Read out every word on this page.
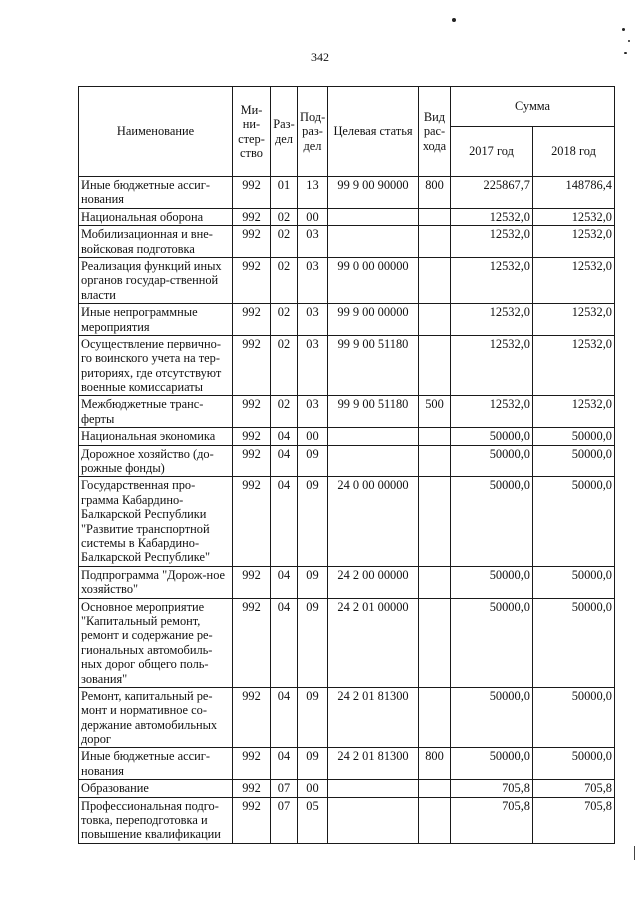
342
Наименование	Ми-ни-стер-ство	Раз-дел	Под-раз-дел	Целевая статья	Вид рас-хода	Сумма	
						2017 год	2018 год
Иные бюджетные ассиг-нования	992	01	13	99 9 00 90000	800	225867,7	148786,4
Национальная оборона	992	02	00			12532,0	12532,0
Мобилизационная и вне-войсковая подготовка	992	02	03			12532,0	12532,0
Реализация функций иных органов государ-ственной власти	992	02	03	99 0 00 00000		12532,0	12532,0
Иные непрограммные мероприятия	992	02	03	99 9 00 00000		12532,0	12532,0
Осуществление первично-го воинского учета на тер-риториях, где отсутствуют военные комиссариаты	992	02	03	99 9 00 51180		12532,0	12532,0
Межбюджетные транс-ферты	992	02	03	99 9 00 51180	500	12532,0	12532,0
Национальная экономика	992	04	00			50000,0	50000,0
Дорожное хозяйство (до-рожные фонды)	992	04	09			50000,0	50000,0
Государственная про-грамма Кабардино-Балкарской Республики "Развитие транспортной системы в Кабардино-Балкарской Республике"	992	04	09	24 0 00 00000		50000,0	50000,0
Подпрограмма "Дорож-ное хозяйство"	992	04	09	24 2 00 00000		50000,0	50000,0
Основное мероприятие "Капитальный ремонт, ремонт и содержание ре-гиональных автомобиль-ных дорог общего поль-зования"	992	04	09	24 2 01 00000		50000,0	50000,0
Ремонт, капитальный ре-монт и нормативное со-держание автомобильных дорог	992	04	09	24 2 01 81300		50000,0	50000,0
Иные бюджетные ассиг-нования	992	04	09	24 2 01 81300	800	50000,0	50000,0
Образование	992	07	00			705,8	705,8
Профессиональная подго-товка, переподготовка и повышение квалификации	992	07	05			705,8	705,8
